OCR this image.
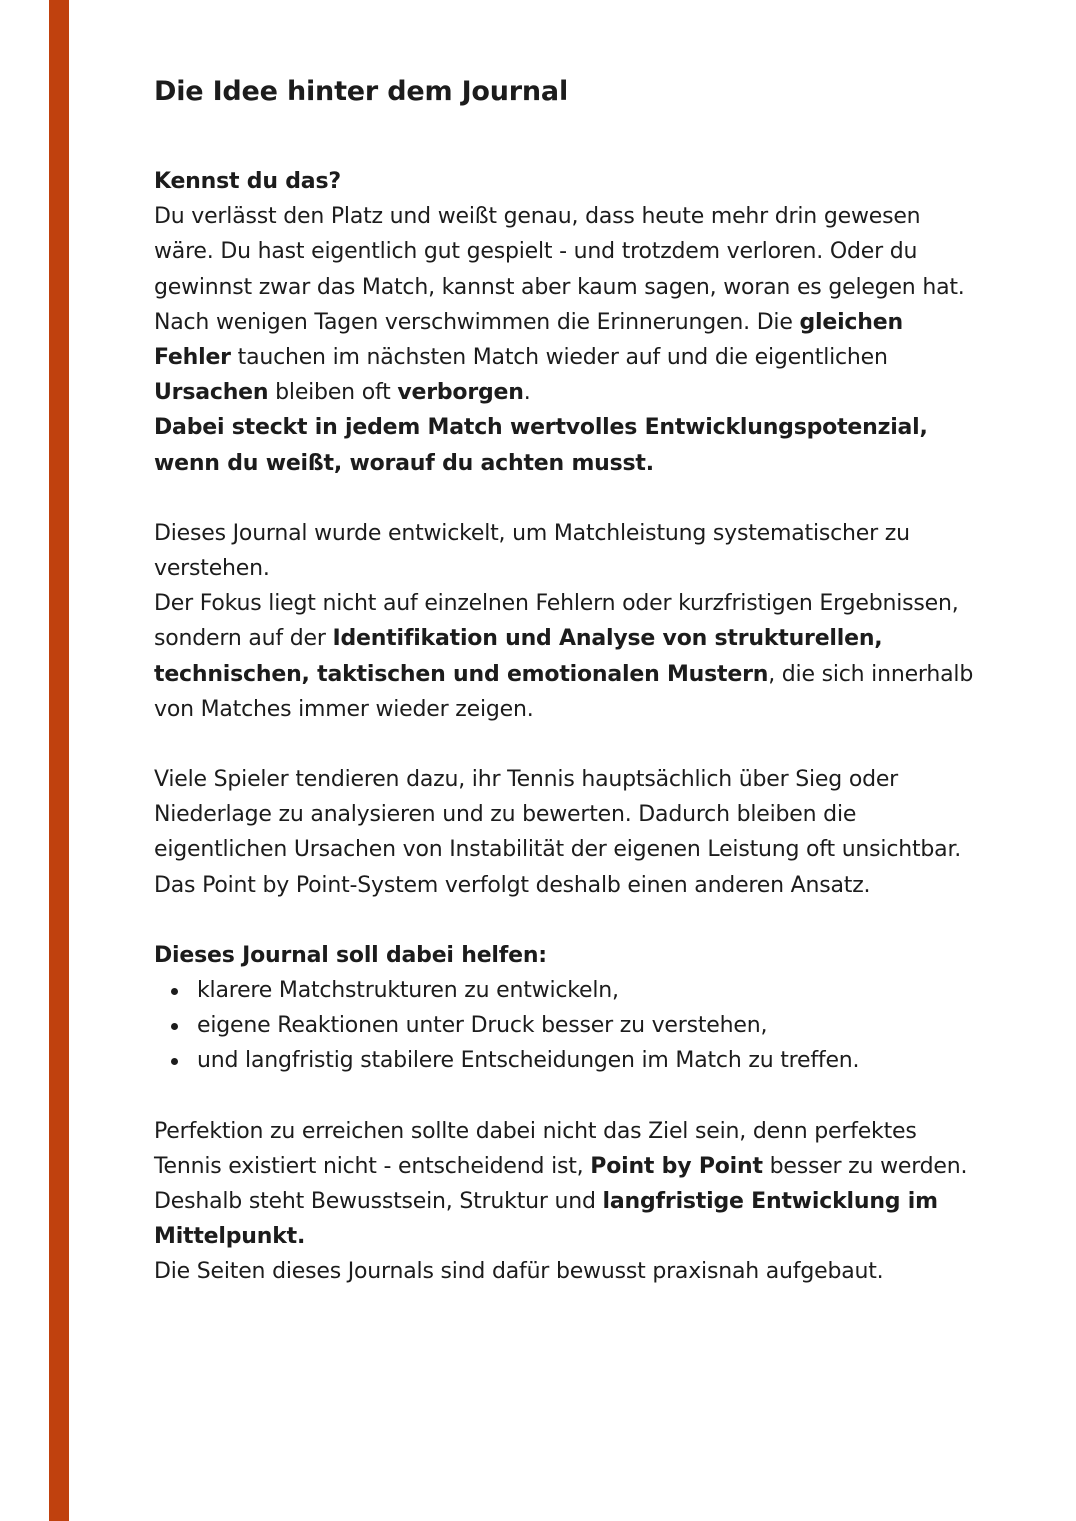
Die Idee hinter dem Journal

Kennst du das?

Du verlässt den Platz und weißt genau, dass heute mehr drin gewesen wäre. Du hast eigentlich gut gespielt - und trotzdem verloren. Oder du gewinnst zwar das Match, kannst aber kaum sagen, woran es gelegen hat.

Nach wenigen Tagen verschwimmen die Erinnerungen. Die gleichen Fehler tauchen im nächsten Match wieder auf und die eigentlichen Ursachen bleiben oft verborgen.

Dabei steckt in jedem Match wertvolles Entwicklungspotenzial, wenn du weißt, worauf du achten musst.

Dieses Journal wurde entwickelt, um Matchleistung systematischer zu verstehen.

Der Fokus liegt nicht auf einzelnen Fehlern oder kurzfristigen Ergebnissen, sondern auf der Identifikation und Analyse von strukturellen, technischen, taktischen und emotionalen Mustern, die sich innerhalb von Matches immer wieder zeigen.

Viele Spieler tendieren dazu, ihr Tennis hauptsächlich über Sieg oder Niederlage zu analysieren und zu bewerten. Dadurch bleiben die eigentlichen Ursachen von Instabilität der eigenen Leistung oft unsichtbar.

Das Point by Point-System verfolgt deshalb einen anderen Ansatz.

Dieses Journal soll dabei helfen:

klarere Matchstrukturen zu entwickeln,
eigene Reaktionen unter Druck besser zu verstehen,
und langfristig stabilere Entscheidungen im Match zu treffen.

Perfektion zu erreichen sollte dabei nicht das Ziel sein, denn perfektes Tennis existiert nicht - entscheidend ist, Point by Point besser zu werden.

Deshalb steht Bewusstsein, Struktur und langfristige Entwicklung im Mittelpunkt.

Die Seiten dieses Journals sind dafür bewusst praxisnah aufgebaut.
